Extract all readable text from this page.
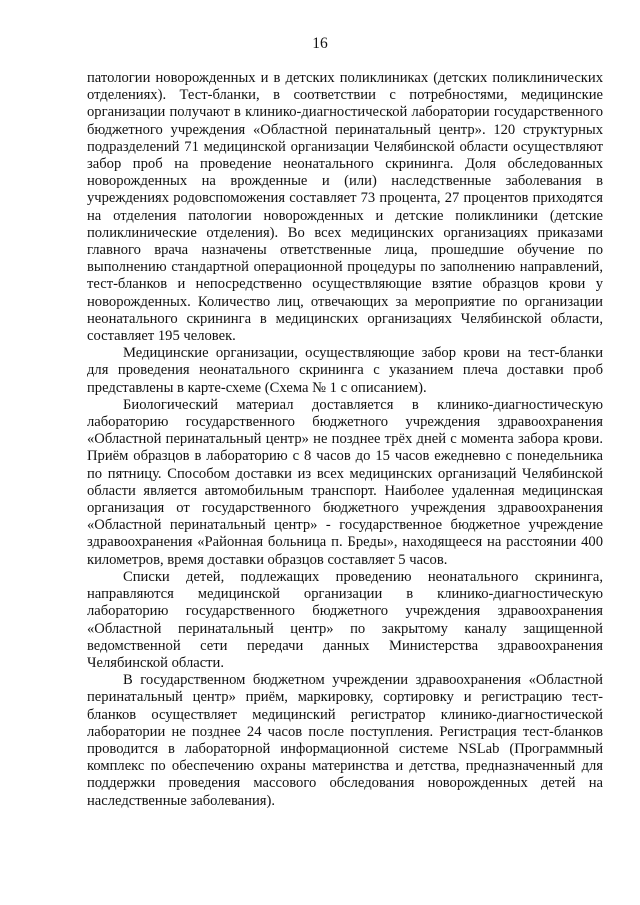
16

патологии новорожденных и в детских поликлиниках (детских поликлинических отделениях). Тест-бланки, в соответствии с потребностями, медицинские организации получают в клинико-диагностической лаборатории государственного бюджетного учреждения «Областной перинатальный центр». 120 структурных подразделений 71 медицинской организации Челябинской области осуществляют забор проб на проведение неонатального скрининга. Доля обследованных новорожденных на врожденные и (или) наследственные заболевания в учреждениях родовспоможения составляет 73 процента, 27 процентов приходятся на отделения патологии новорожденных и детские поликлиники (детские поликлинические отделения). Во всех медицинских организациях приказами главного врача назначены ответственные лица, прошедшие обучение по выполнению стандартной операционной процедуры по заполнению направлений, тест-бланков и непосредственно осуществляющие взятие образцов крови у новорожденных. Количество лиц, отвечающих за мероприятие по организации неонатального скрининга в медицинских организациях Челябинской области, составляет 195 человек.

Медицинские организации, осуществляющие забор крови на тест-бланки для проведения неонатального скрининга с указанием плеча доставки проб представлены в карте-схеме (Схема № 1 с описанием).

Биологический материал доставляется в клинико-диагностическую лабораторию государственного бюджетного учреждения здравоохранения «Областной перинатальный центр» не позднее трёх дней с момента забора крови. Приём образцов в лабораторию с 8 часов до 15 часов ежедневно с понедельника по пятницу. Способом доставки из всех медицинских организаций Челябинской области является автомобильным транспорт. Наиболее удаленная медицинская организация от государственного бюджетного учреждения здравоохранения «Областной перинатальный центр» - государственное бюджетное учреждение здравоохранения «Районная больница п. Бреды», находящееся на расстоянии 400 километров, время доставки образцов составляет 5 часов.

Списки детей, подлежащих проведению неонатального скрининга, направляются медицинской организации в клинико-диагностическую лабораторию государственного бюджетного учреждения здравоохранения «Областной перинатальный центр» по закрытому каналу защищенной ведомственной сети передачи данных Министерства здравоохранения Челябинской области.

В государственном бюджетном учреждении здравоохранения «Областной перинатальный центр» приём, маркировку, сортировку и регистрацию тест-бланков осуществляет медицинский регистратор клинико-диагностической лаборатории не позднее 24 часов после поступления. Регистрация тест-бланков проводится в лабораторной информационной системе NSLab (Программный комплекс по обеспечению охраны материнства и детства, предназначенный для поддержки проведения массового обследования новорожденных детей на наследственные заболевания).
